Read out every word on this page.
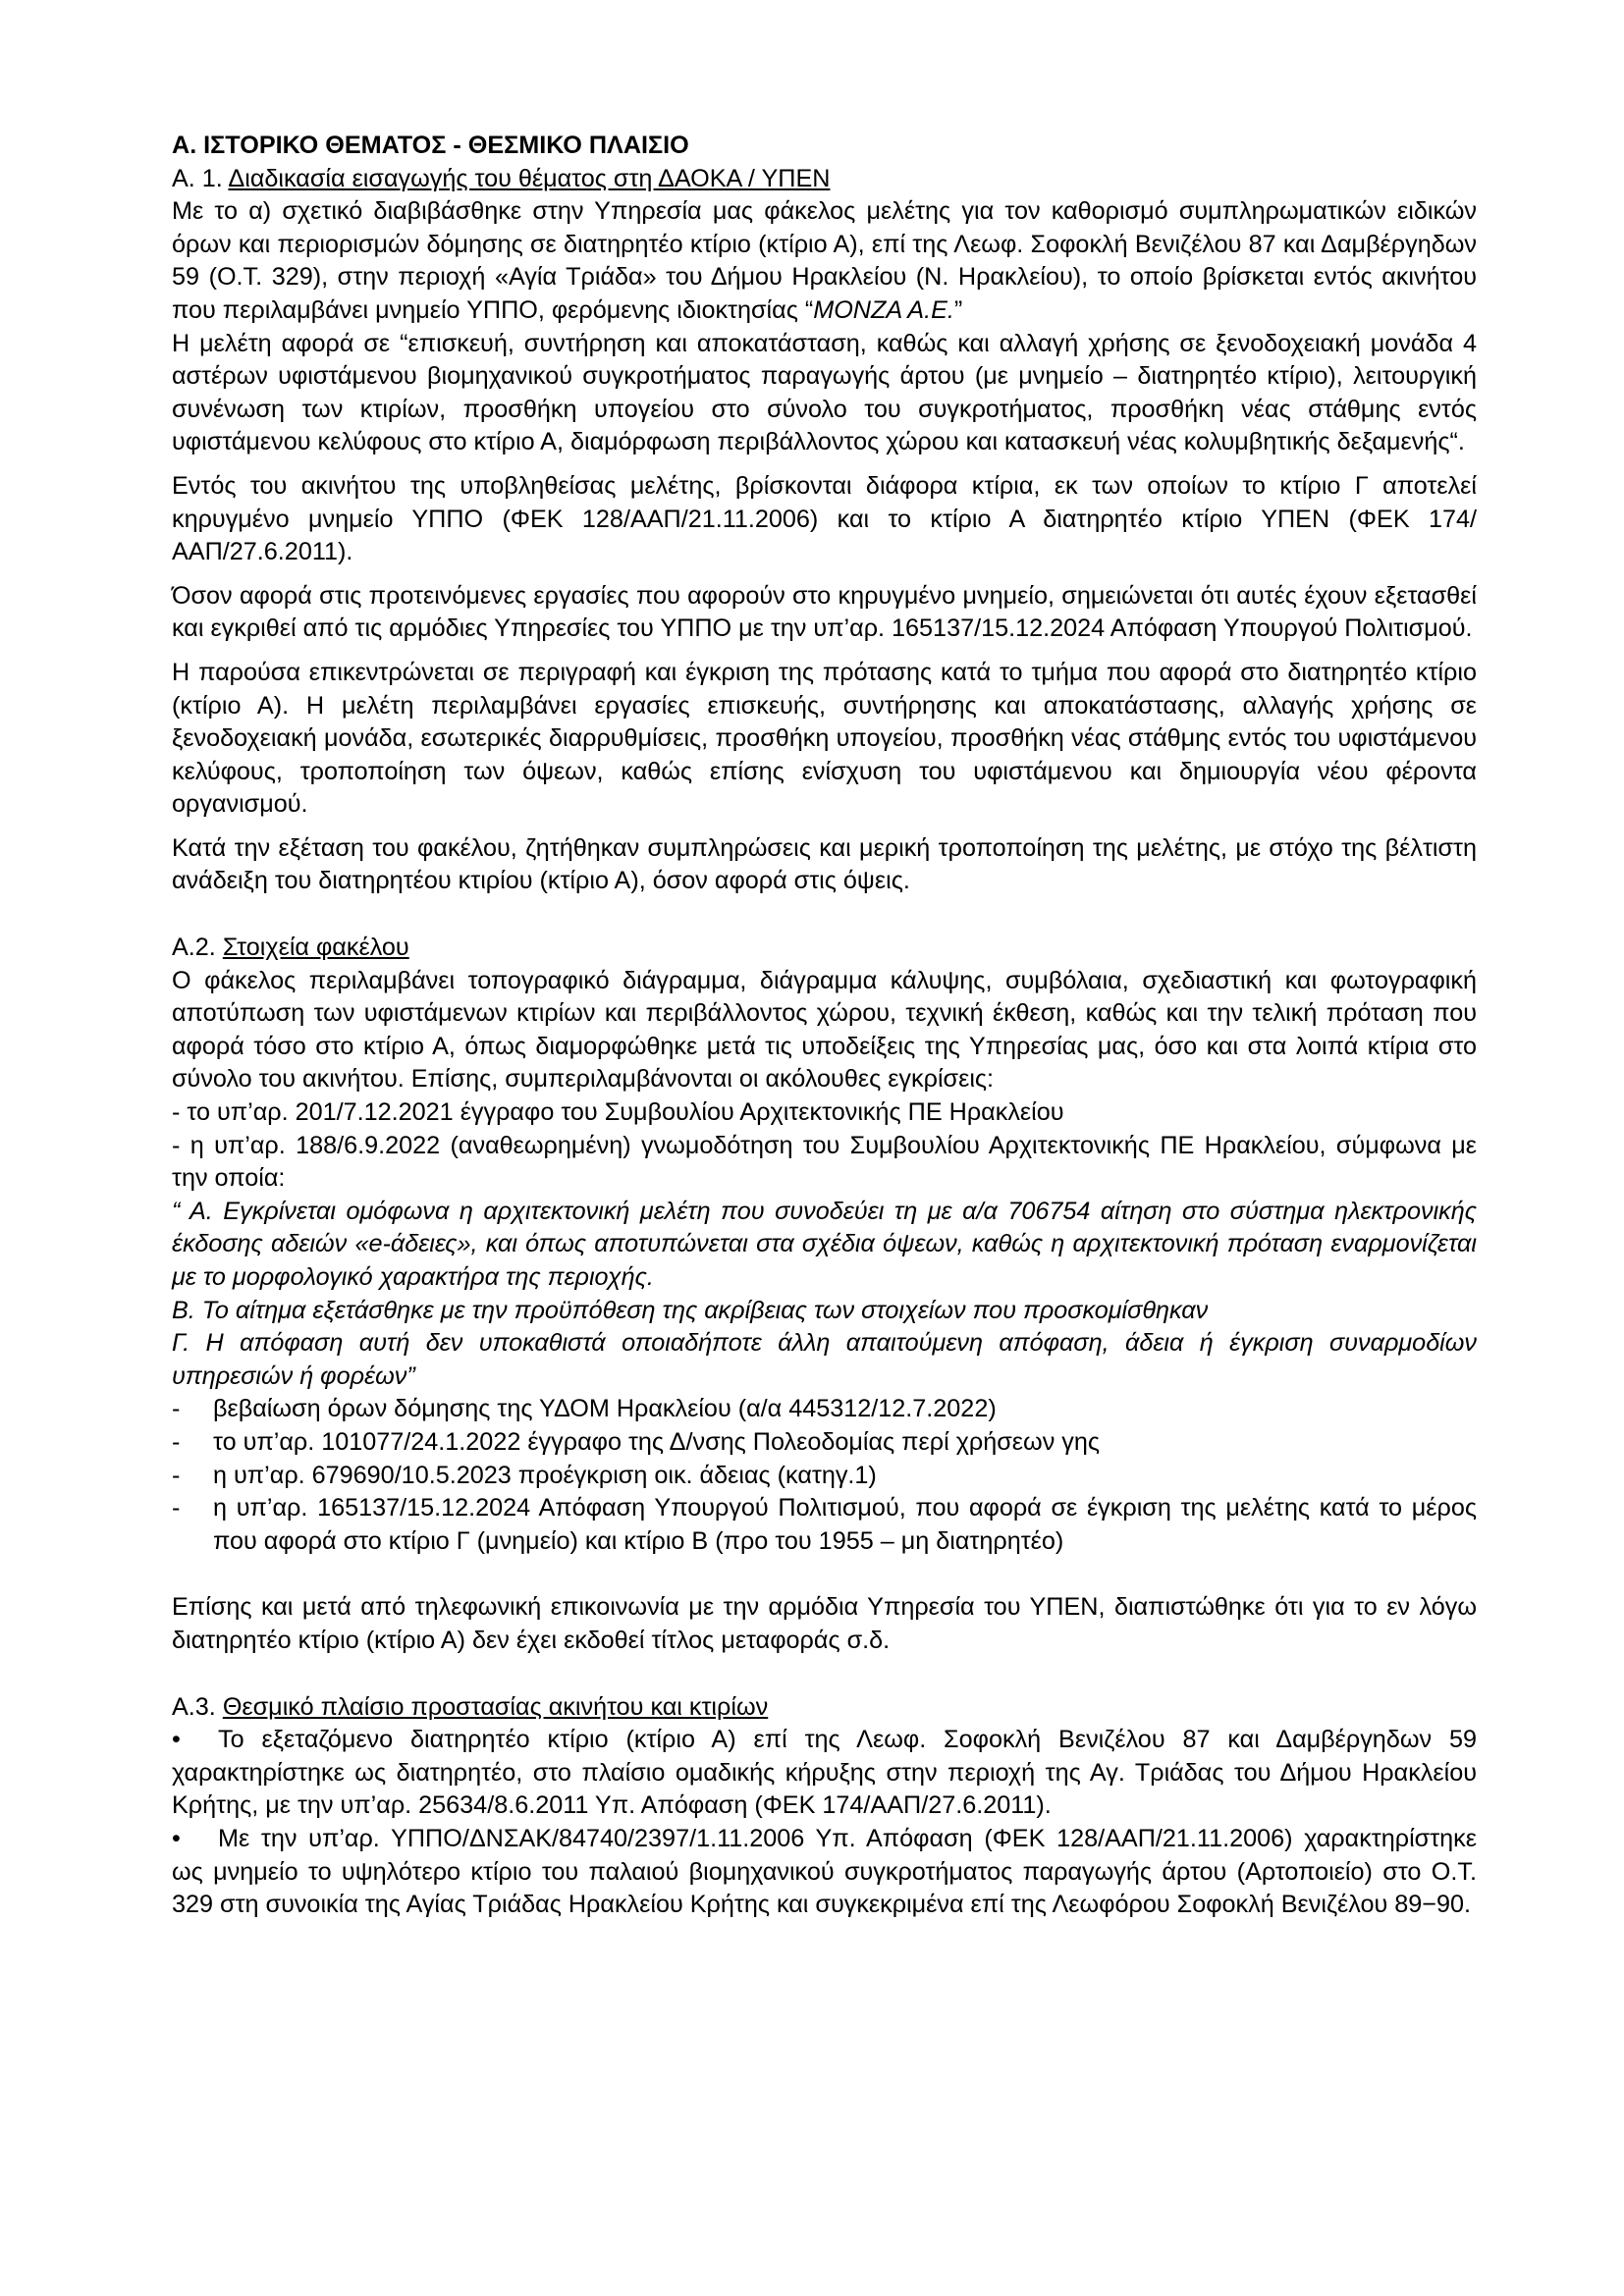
Α. ΙΣΤΟΡΙΚΟ ΘΕΜΑΤΟΣ - ΘΕΣΜΙΚΟ ΠΛΑΙΣΙΟ

Α. 1. Διαδικασία εισαγωγής του θέματος στη ΔΑΟΚΑ / ΥΠΕΝ

Με το α) σχετικό διαβιβάσθηκε στην Υπηρεσία μας φάκελος μελέτης για τον καθορισμό συμπληρωματικών ειδικών όρων και περιορισμών δόμησης σε διατηρητέο κτίριο (κτίριο Α), επί της Λεωφ. Σοφοκλή Βενιζέλου 87 και Δαμβέργηδων 59 (Ο.Τ. 329), στην περιοχή «Αγία Τριάδα» του Δήμου Ηρακλείου (Ν. Ηρακλείου), το οποίο βρίσκεται εντός ακινήτου που περιλαμβάνει μνημείο ΥΠΠΟ, φερόμενης ιδιοκτησίας “ΜΟΝΖΑ Α.Ε.”

Η μελέτη αφορά σε “επισκευή, συντήρηση και αποκατάσταση, καθώς και αλλαγή χρήσης σε ξενοδοχειακή μονάδα 4 αστέρων υφιστάμενου βιομηχανικού συγκροτήματος παραγωγής άρτου (με μνημείο – διατηρητέο κτίριο), λειτουργική συνένωση των κτιρίων, προσθήκη υπογείου στο σύνολο του συγκροτήματος, προσθήκη νέας στάθμης εντός υφιστάμενου κελύφους στο κτίριο Α, διαμόρφωση περιβάλλοντος χώρου και κατασκευή νέας κολυμβητικής δεξαμενής“.

Εντός του ακινήτου της υποβληθείσας μελέτης, βρίσκονται διάφορα κτίρια, εκ των οποίων το κτίριο Γ αποτελεί κηρυγμένο μνημείο ΥΠΠΟ (ΦΕΚ 128/ΑΑΠ/21.11.2006) και το κτίριο Α διατηρητέο κτίριο ΥΠΕΝ (ΦΕΚ 174/ΑΑΠ/27.6.2011).

Όσον αφορά στις προτεινόμενες εργασίες που αφορούν στο κηρυγμένο μνημείο, σημειώνεται ότι αυτές έχουν εξετασθεί και εγκριθεί από τις αρμόδιες Υπηρεσίες του ΥΠΠΟ με την υπ’αρ. 165137/15.12.2024 Απόφαση Υπουργού Πολιτισμού.

Η παρούσα επικεντρώνεται σε περιγραφή και έγκριση της πρότασης κατά το τμήμα που αφορά στο διατηρητέο κτίριο (κτίριο Α). Η μελέτη περιλαμβάνει εργασίες επισκευής, συντήρησης και αποκατάστασης, αλλαγής χρήσης σε ξενοδοχειακή μονάδα, εσωτερικές διαρρυθμίσεις, προσθήκη υπογείου, προσθήκη νέας στάθμης εντός του υφιστάμενου κελύφους, τροποποίηση των όψεων, καθώς επίσης ενίσχυση του υφιστάμενου και δημιουργία νέου φέροντα οργανισμού.

Κατά την εξέταση του φακέλου, ζητήθηκαν συμπληρώσεις και μερική τροποποίηση της μελέτης, με στόχο της βέλτιστη ανάδειξη του διατηρητέου κτιρίου (κτίριο Α), όσον αφορά στις όψεις.

Α.2. Στοιχεία φακέλου

Ο φάκελος περιλαμβάνει τοπογραφικό διάγραμμα, διάγραμμα κάλυψης, συμβόλαια, σχεδιαστική και φωτογραφική αποτύπωση των υφιστάμενων κτιρίων και περιβάλλοντος χώρου, τεχνική έκθεση, καθώς και την τελική πρόταση που αφορά τόσο στο κτίριο Α, όπως διαμορφώθηκε μετά τις υποδείξεις της Υπηρεσίας μας, όσο και στα λοιπά κτίρια στο σύνολο του ακινήτου. Επίσης, συμπεριλαμβάνονται οι ακόλουθες εγκρίσεις:

- το υπ’αρ. 201/7.12.2021 έγγραφο του Συμβουλίου Αρχιτεκτονικής ΠΕ Ηρακλείου

- η υπ’αρ. 188/6.9.2022 (αναθεωρημένη) γνωμοδότηση του Συμβουλίου Αρχιτεκτονικής ΠΕ Ηρακλείου, σύμφωνα με την οποία:

“ Α. Εγκρίνεται ομόφωνα η αρχιτεκτονική μελέτη που συνοδεύει τη με α/α 706754 αίτηση στο σύστημα ηλεκτρονικής έκδοσης αδειών «e-άδειες», και όπως αποτυπώνεται στα σχέδια όψεων, καθώς η αρχιτεκτονική πρόταση εναρμονίζεται με το μορφολογικό χαρακτήρα της περιοχής.

Β. Το αίτημα εξετάσθηκε με την προϋπόθεση της ακρίβειας των στοιχείων που προσκομίσθηκαν

Γ. Η απόφαση αυτή δεν υποκαθιστά οποιαδήποτε άλλη απαιτούμενη απόφαση, άδεια ή έγκριση συναρμοδίων υπηρεσιών ή φορέων”

-	βεβαίωση όρων δόμησης της ΥΔΟΜ Ηρακλείου (α/α 445312/12.7.2022)
-	το υπ’αρ. 101077/24.1.2022 έγγραφο της Δ/νσης Πολεοδομίας περί χρήσεων γης
-	η υπ’αρ. 679690/10.5.2023 προέγκριση οικ. άδειας (κατηγ.1)
-	η υπ’αρ. 165137/15.12.2024 Απόφαση Υπουργού Πολιτισμού, που αφορά σε έγκριση της μελέτης κατά το μέρος που αφορά στο κτίριο Γ (μνημείο) και κτίριο Β (προ του 1955 – μη διατηρητέο)

Επίσης και μετά από τηλεφωνική επικοινωνία με την αρμόδια Υπηρεσία του ΥΠΕΝ, διαπιστώθηκε ότι για το εν λόγω διατηρητέο κτίριο (κτίριο Α) δεν έχει εκδοθεί τίτλος μεταφοράς σ.δ.

Α.3. Θεσμικό πλαίσιο προστασίας ακινήτου και κτιρίων

• Το εξεταζόμενο διατηρητέο κτίριο (κτίριο Α) επί της Λεωφ. Σοφοκλή Βενιζέλου 87 και Δαμβέργηδων 59 χαρακτηρίστηκε ως διατηρητέο, στο πλαίσιο ομαδικής κήρυξης στην περιοχή της Αγ. Τριάδας του Δήμου Ηρακλείου Κρήτης, με την υπ’αρ. 25634/8.6.2011 Υπ. Απόφαση (ΦΕΚ 174/ΑΑΠ/27.6.2011).

• Με την υπ’αρ. ΥΠΠΟ/ΔΝΣΑΚ/84740/2397/1.11.2006 Υπ. Απόφαση (ΦΕΚ 128/ΑΑΠ/21.11.2006) χαρακτηρίστηκε ως μνημείο το υψηλότερο κτίριο του παλαιού βιομηχανικού συγκροτήματος παραγωγής άρτου (Αρτοποιείο) στο Ο.Τ. 329 στη συνοικία της Αγίας Τριάδας Ηρακλείου Κρήτης και συγκεκριμένα επί της Λεωφόρου Σοφοκλή Βενιζέλου 89−90.
